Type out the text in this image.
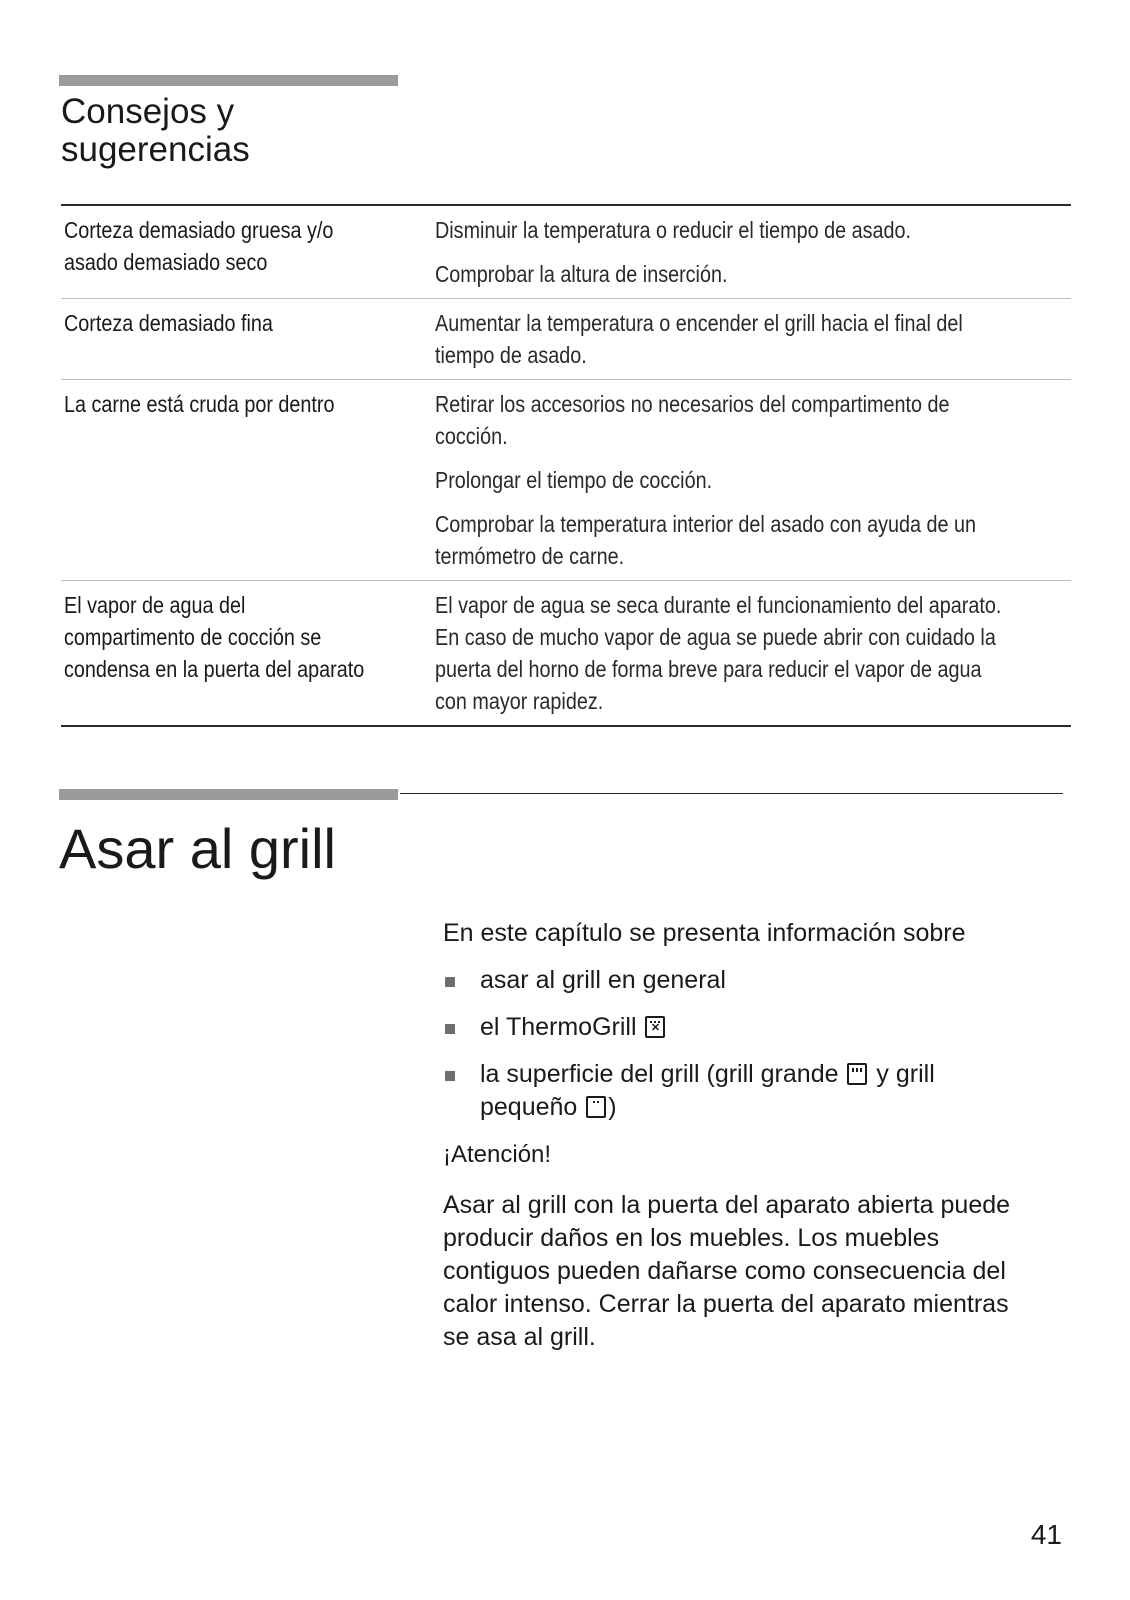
Consejos y
sugerencias
Corteza demasiado gruesa y/o
asado demasiado seco

Disminuir la temperatura o reducir el tiempo de asado.

Comprobar la altura de inserción.

Corteza demasiado fina	Aumentar la temperatura o encender el grill hacia el final del
tiempo de asado.

La carne está cruda por dentro	Retirar los accesorios no necesarios del compartimento de
cocción.

Prolongar el tiempo de cocción.

Comprobar la temperatura interior del asado con ayuda de un
termómetro de carne.

El vapor de agua del
compartimento de cocción se
condensa en la puerta del aparato

El vapor de agua se seca durante el funcionamiento del aparato.
En caso de mucho vapor de agua se puede abrir con cuidado la
puerta del horno de forma breve para reducir el vapor de agua
con mayor rapidez.

Asar al grill

En este capítulo se presenta información sobre

asar al grill en general
el ThermoGrill ✕
la superficie del grill (grill grande y grill
pequeño )

¡Atención!

Asar al grill con la puerta del aparato abierta puede
producir daños en los muebles. Los muebles
contiguos pueden dañarse como consecuencia del
calor intenso. Cerrar la puerta del aparato mientras
se asa al grill.

41
